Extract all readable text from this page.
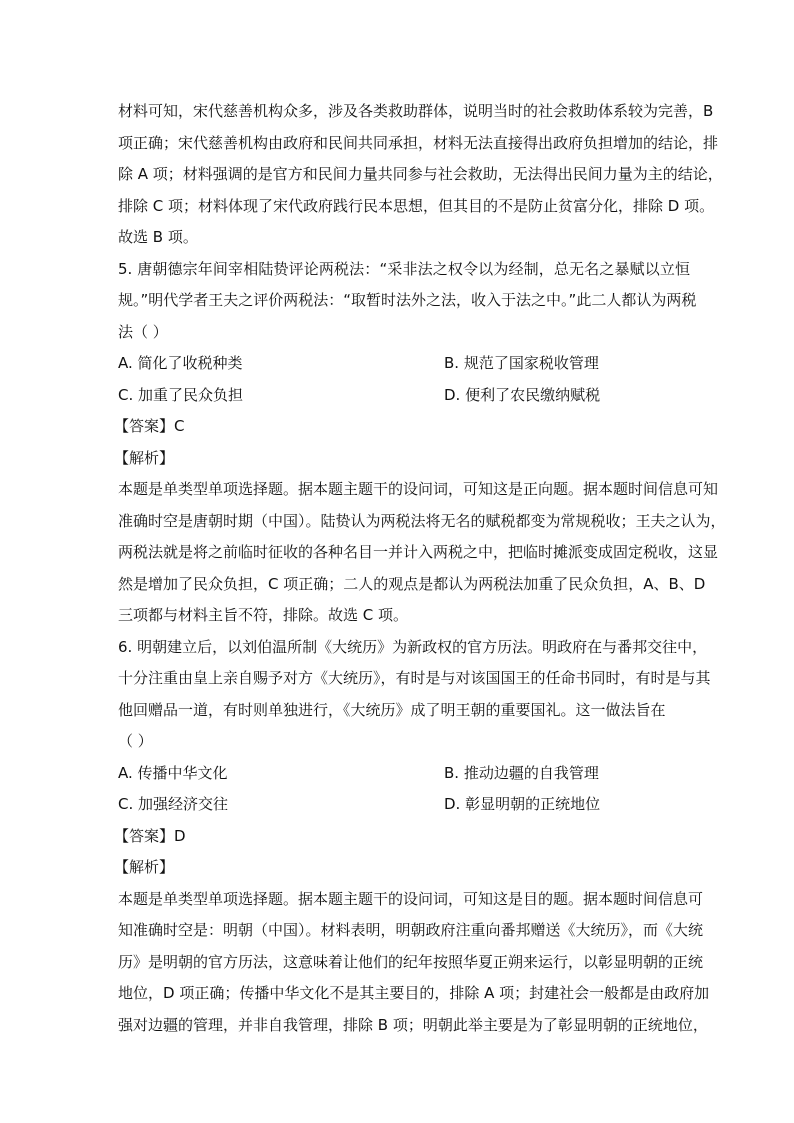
材料可知，宋代慈善机构众多，涉及各类救助群体，说明当时的社会救助体系较为完善，B
项正确；宋代慈善机构由政府和民间共同承担，材料无法直接得出政府负担增加的结论，排
除 A 项；材料强调的是官方和民间力量共同参与社会救助，无法得出民间力量为主的结论，
排除 C 项；材料体现了宋代政府践行民本思想，但其目的不是防止贫富分化，排除 D 项。
故选 B 项。
5. 唐朝德宗年间宰相陆贽评论两税法：“采非法之权令以为经制，总无名之暴赋以立恒
规。”明代学者王夫之评价两税法：“取暂时法外之法，收入于法之中。”此二人都认为两税
法（ ）
A. 简化了收税种类	B. 规范了国家税收管理
C. 加重了民众负担	D. 便利了农民缴纳赋税
【答案】C
【解析】
本题是单类型单项选择题。据本题主题干的设问词，可知这是正向题。据本题时间信息可知
准确时空是唐朝时期（中国）。陆贽认为两税法将无名的赋税都变为常规税收；王夫之认为，
两税法就是将之前临时征收的各种名目一并计入两税之中，把临时摊派变成固定税收，这显
然是增加了民众负担，C 项正确；二人的观点是都认为两税法加重了民众负担，A、B、D
三项都与材料主旨不符，排除。故选 C 项。
6. 明朝建立后，以刘伯温所制《大统历》为新政权的官方历法。明政府在与番邦交往中，
十分注重由皇上亲自赐予对方《大统历》，有时是与对该国国王的任命书同时，有时是与其
他回赠品一道，有时则单独进行，《大统历》成了明王朝的重要国礼。这一做法旨在
（ ）
A. 传播中华文化	B. 推动边疆的自我管理
C. 加强经济交往	D. 彰显明朝的正统地位
【答案】D
【解析】
本题是单类型单项选择题。据本题主题干的设问词，可知这是目的题。据本题时间信息可
知准确时空是：明朝（中国）。材料表明，明朝政府注重向番邦赠送《大统历》，而《大统
历》是明朝的官方历法，这意味着让他们的纪年按照华夏正朔来运行，以彰显明朝的正统
地位，D 项正确；传播中华文化不是其主要目的，排除 A 项；封建社会一般都是由政府加
强对边疆的管理，并非自我管理，排除 B 项；明朝此举主要是为了彰显明朝的正统地位，
